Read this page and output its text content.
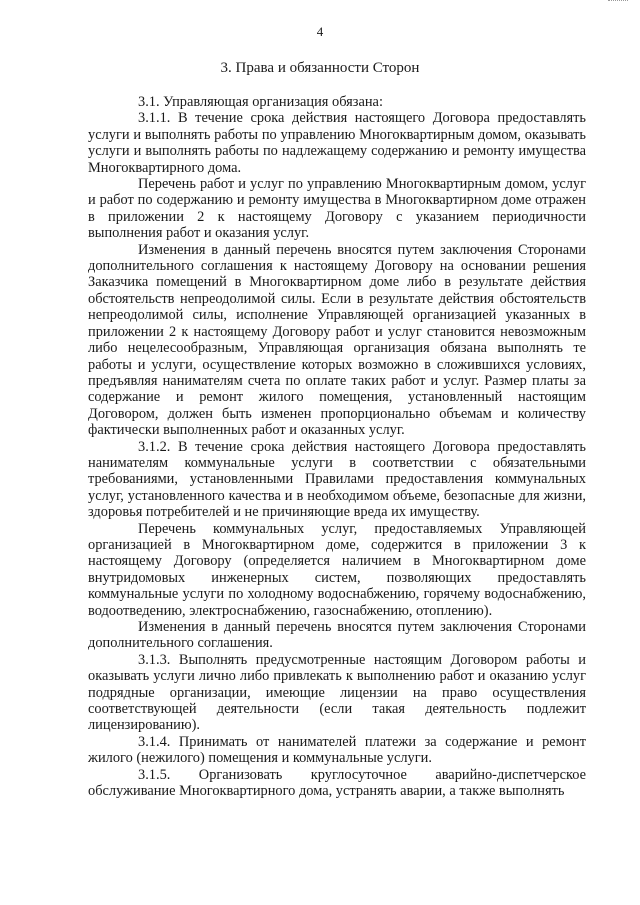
4
3. Права и обязанности Сторон

3.1. Управляющая организация обязана:

3.1.1. В течение срока действия настоящего Договора предоставлять услуги и выполнять работы по управлению Многоквартирным домом, оказывать услуги и выполнять работы по надлежащему содержанию и ремонту имущества Многоквартирного дома.

Перечень работ и услуг по управлению Многоквартирным домом, услуг и работ по содержанию и ремонту имущества в Многоквартирном доме отражен в приложении 2 к настоящему Договору с указанием периодичности выполнения работ и оказания услуг.

Изменения в данный перечень вносятся путем заключения Сторонами дополнительного соглашения к настоящему Договору на основании решения Заказчика помещений в Многоквартирном доме либо в результате действия обстоятельств непреодолимой силы. Если в результате действия обстоятельств непреодолимой силы, исполнение Управляющей организацией указанных в приложении 2 к настоящему Договору работ и услуг становится невозможным либо нецелесообразным, Управляющая организация обязана выполнять те работы и услуги, осуществление которых возможно в сложившихся условиях, предъявляя нанимателям счета по оплате таких работ и услуг. Размер платы за содержание и ремонт жилого помещения, установленный настоящим Договором, должен быть изменен пропорционально объемам и количеству фактически выполненных работ и оказанных услуг.

3.1.2. В течение срока действия настоящего Договора предоставлять нанимателям коммунальные услуги в соответствии с обязательными требованиями, установленными Правилами предоставления коммунальных услуг, установленного качества и в необходимом объеме, безопасные для жизни, здоровья потребителей и не причиняющие вреда их имуществу.

Перечень коммунальных услуг, предоставляемых Управляющей организацией в Многоквартирном доме, содержится в приложении 3 к настоящему Договору (определяется наличием в Многоквартирном доме внутридомовых инженерных систем, позволяющих предоставлять коммунальные услуги по холодному водоснабжению, горячему водоснабжению, водоотведению, электроснабжению, газоснабжению, отоплению).

Изменения в данный перечень вносятся путем заключения Сторонами дополнительного соглашения.

3.1.3. Выполнять предусмотренные настоящим Договором работы и оказывать услуги лично либо привлекать к выполнению работ и оказанию услуг подрядные организации, имеющие лицензии на право осуществления соответствующей деятельности (если такая деятельность подлежит лицензированию).

3.1.4. Принимать от нанимателей платежи за содержание и ремонт жилого (нежилого) помещения и коммунальные услуги.

3.1.5. Организовать круглосуточное аварийно-диспетчерское обслуживание Многоквартирного дома, устранять аварии, а также выполнять
